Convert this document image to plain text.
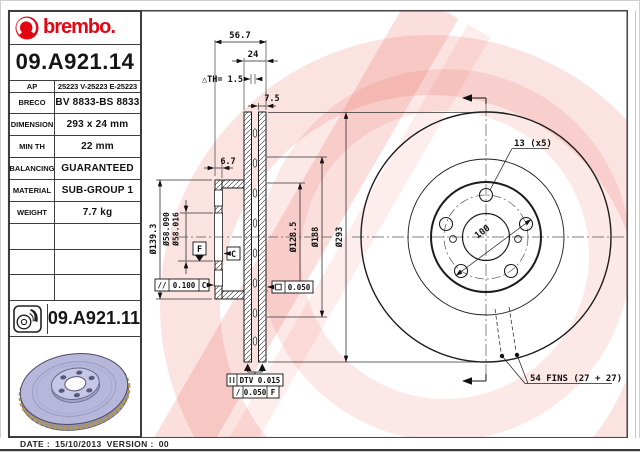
56.7
24
△TH= 1.5
7.5
6.7
Ø139.3 Ø58.090 Ø58.016	Ø128.5 Ø188 Ø293
F	C
// 0.100 C	0.050
DTV 0.015
/ 0.050 F
13 (x5)
100
54 FINS (27 + 27)
brembo.
09.A921.14
AP	25223 V-25223 E-25223
BRECO BV 8833-BS 8833
DIMENSION	293 x 24 mm
MIN TH	22 mm
BALANCING GUARANTEED
MATERIAL	SUB-GROUP 1
WEIGHT	7.7 kg
09.A921.11
DATE : 15/10/2013 VERSION : 00
